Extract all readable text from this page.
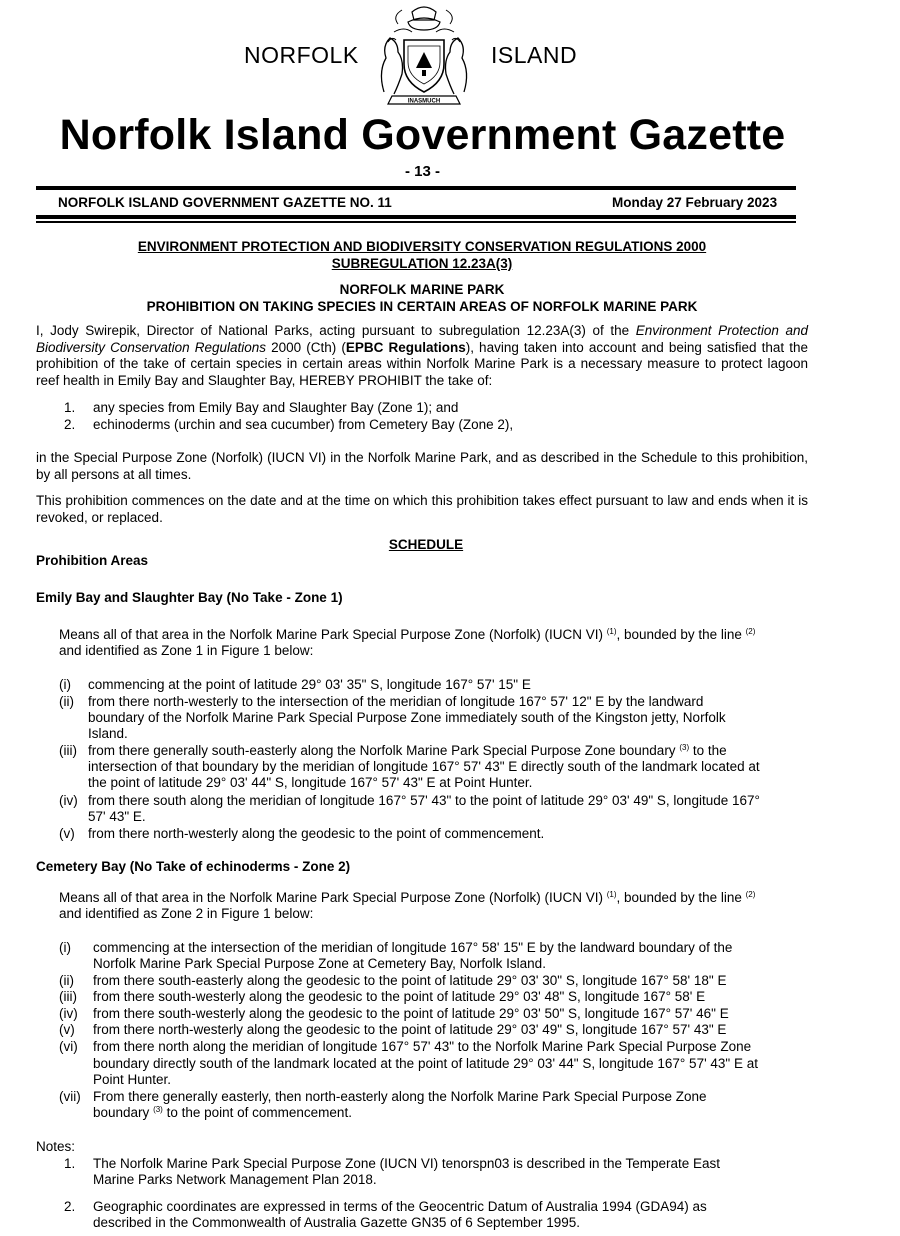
NORFOLK
INASMUCH
ISLAND
Norfolk Island Government Gazette
- 13 -
NORFOLK ISLAND GOVERNMENT GAZETTE NO. 11	Monday 27 February 2023
ENVIRONMENT PROTECTION AND BIODIVERSITY CONSERVATION REGULATIONS 2000
SUBREGULATION 12.23A(3)
NORFOLK MARINE PARK
PROHIBITION ON TAKING SPECIES IN CERTAIN AREAS OF NORFOLK MARINE PARK
I, Jody Swirepik, Director of National Parks, acting pursuant to subregulation 12.23A(3) of the Environment Protection and Biodiversity Conservation Regulations 2000 (Cth) (EPBC Regulations), having taken into account and being satisfied that the prohibition of the take of certain species in certain areas within Norfolk Marine Park is a necessary measure to protect lagoon reef health in Emily Bay and Slaughter Bay, HEREBY PROHIBIT the take of:
1. any species from Emily Bay and Slaughter Bay (Zone 1); and
2. echinoderms (urchin and sea cucumber) from Cemetery Bay (Zone 2),
in the Special Purpose Zone (Norfolk) (IUCN VI) in the Norfolk Marine Park, and as described in the Schedule to this prohibition, by all persons at all times.
This prohibition commences on the date and at the time on which this prohibition takes effect pursuant to law and ends when it is revoked, or replaced.
SCHEDULE
Prohibition Areas
Emily Bay and Slaughter Bay (No Take - Zone 1)
Means all of that area in the Norfolk Marine Park Special Purpose Zone (Norfolk) (IUCN VI) $^{(1)}$, bounded by the line $^{(2)}$
and identified as Zone 1 in Figure 1 below:
(i) commencing at the point of latitude 29° 03' 35" S, longitude 167° 57' 15" E
(ii) from there north-westerly to the intersection of the meridian of longitude 167° 57' 12" E by the landward
boundary of the Norfolk Marine Park Special Purpose Zone immediately south of the Kingston jetty, Norfolk
Island.
(iii) from there generally south-easterly along the Norfolk Marine Park Special Purpose Zone boundary $^{(3)}$ to the
intersection of that boundary by the meridian of longitude 167° 57' 43" E directly south of the landmark located at
the point of latitude 29° 03' 44" S, longitude 167° 57' 43" E at Point Hunter.
(iv) from there south along the meridian of longitude 167° 57' 43" to the point of latitude 29° 03' 49" S, longitude 167°
57' 43" E.
(v) from there north-westerly along the geodesic to the point of commencement.
Cemetery Bay (No Take of echinoderms - Zone 2)
Means all of that area in the Norfolk Marine Park Special Purpose Zone (Norfolk) (IUCN VI) $^{(1)}$, bounded by the line $^{(2)}$
and identified as Zone 2 in Figure 1 below:
(i) commencing at the intersection of the meridian of longitude 167° 58' 15" E by the landward boundary of the
Norfolk Marine Park Special Purpose Zone at Cemetery Bay, Norfolk Island.
(ii) from there south-easterly along the geodesic to the point of latitude 29° 03' 30" S, longitude 167° 58' 18" E
(iii) from there south-westerly along the geodesic to the point of latitude 29° 03' 48" S, longitude 167° 58' E
(iv) from there south-westerly along the geodesic to the point of latitude 29° 03' 50" S, longitude 167° 57' 46" E
(v) from there north-westerly along the geodesic to the point of latitude 29° 03' 49" S, longitude 167° 57' 43" E
(vi) from there north along the meridian of longitude 167° 57' 43" to the Norfolk Marine Park Special Purpose Zone
boundary directly south of the landmark located at the point of latitude 29° 03' 44" S, longitude 167° 57' 43" E at
Point Hunter.
(vii) From there generally easterly, then north-easterly along the Norfolk Marine Park Special Purpose Zone
boundary $^{(3)}$ to the point of commencement.
Notes:
1. The Norfolk Marine Park Special Purpose Zone (IUCN VI) tenorspn03 is described in the Temperate East
Marine Parks Network Management Plan 2018.
2. Geographic coordinates are expressed in terms of the Geocentric Datum of Australia 1994 (GDA94) as
described in the Commonwealth of Australia Gazette GN35 of 6 September 1995.
